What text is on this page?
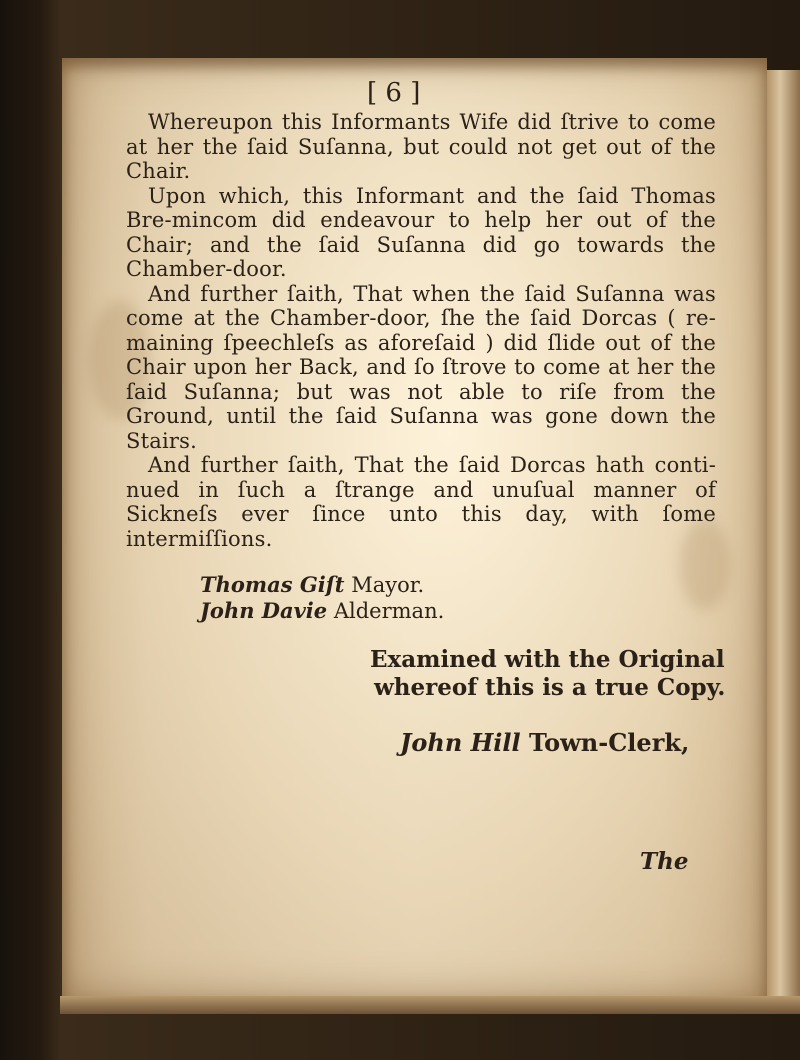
[ 6 ]

Whereupon this Informants Wife did ſtrive to come at her the ſaid Suſanna, but could not get out of the Chair.

Upon which, this Informant and the ſaid Thomas Bre-mincom did endeavour to help her out of the Chair; and the ſaid Suſanna did go towards the Chamber-door.

And further ſaith, That when the ſaid Suſanna was come at the Chamber-door, ſhe the ſaid Dorcas ( re-maining ſpeechleſs as aforeſaid ) did ſlide out of the Chair upon her Back, and ſo ſtrove to come at her the ſaid Suſanna; but was not able to riſe from the Ground, until the ſaid Suſanna was gone down the Stairs.

And further ſaith, That the ſaid Dorcas hath conti-nued in ſuch a ſtrange and unuſual manner of Sickneſs ever ſince unto this day, with ſome intermiſſions.

Thomas Giſt Mayor.
John Davie Alderman.
Examined with the Original
whereof this is a true Copy.
John Hill Town-Clerk,
The
